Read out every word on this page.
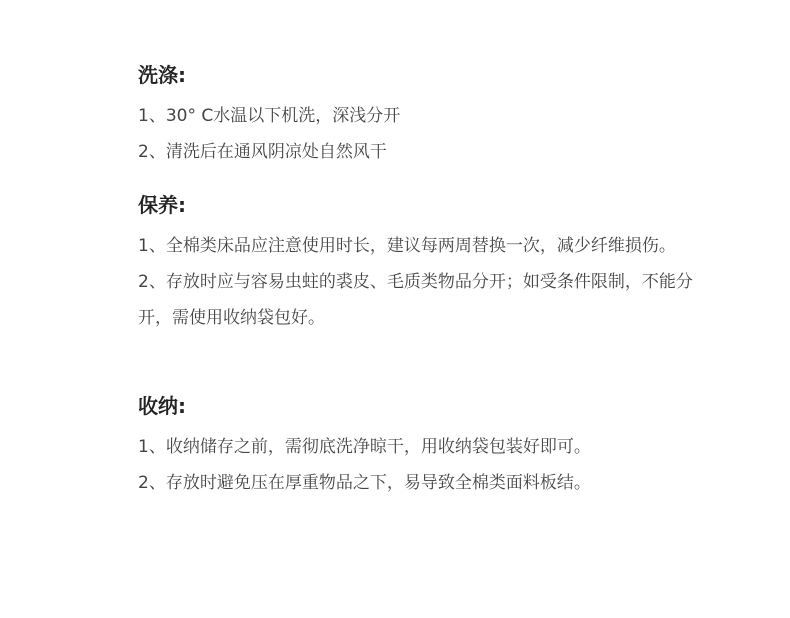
洗涤:

1、30° C水温以下机洗，深浅分开

2、清洗后在通风阴凉处自然风干

保养:

1、全棉类床品应注意使用时长，建议每两周替换一次，减少纤维损伤。

2、存放时应与容易虫蛀的裘皮、毛质类物品分开；如受条件限制，不能分开，需使用收纳袋包好。

收纳:

1、收纳储存之前，需彻底洗净晾干，用收纳袋包装好即可。

2、存放时避免压在厚重物品之下，易导致全棉类面料板结。
